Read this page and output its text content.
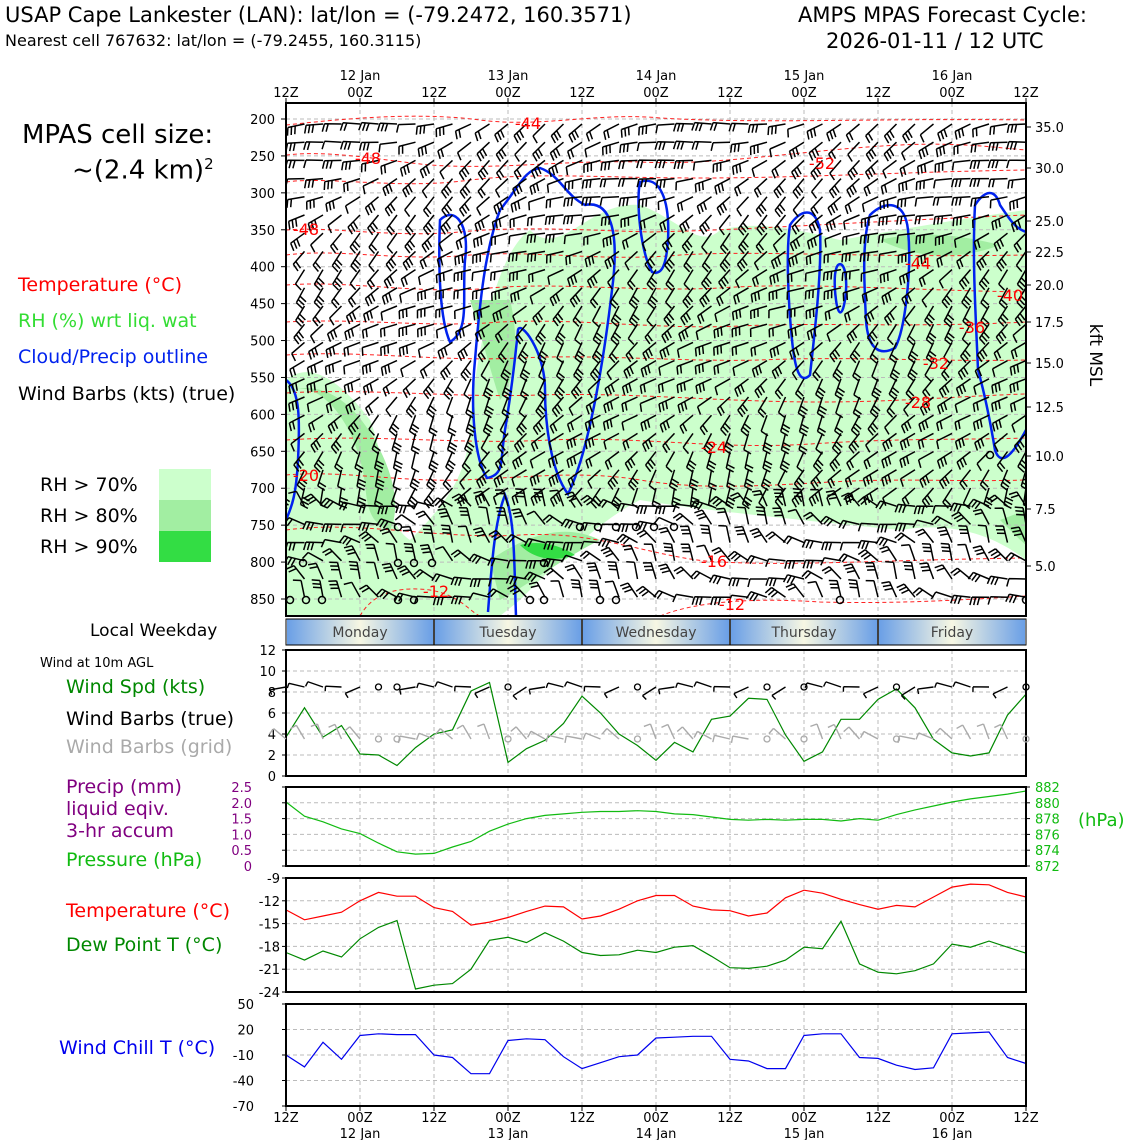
USAP Cape Lankester (LAN): lat/lon = (-79.2472, 160.3571)
Nearest cell 767632: lat/lon = (-79.2455, 160.3115)
AMPS MPAS Forecast Cycle:
2026-01-11 / 12 UTC
MPAS cell size:
~(2.4 km)$^2$
Temperature (°C)
RH (%) wrt liq. wat
Cloud/Precip outline
Wind Barbs (kts) (true)
RH > 70%
RH > 80%
RH > 90%
Local Weekday
Wind at 10m AGL
Wind Spd (kts)
Wind Barbs (true)
Wind Barbs (grid)
Precip (mm)
liquid eqiv.
3-hr accum
Pressure (hPa)
Temperature (°C)
Dew Point T (°C)
Wind Chill T (°C)
12Z	00Z	12Z	00Z	12Z	00Z	12Z	00Z	12Z	00Z	12Z
12 Jan	13 Jan	14 Jan	15 Jan	16 Jan
200
250
300
350
400
450
500
550
600
650
700
750
800
850
35.0
30.0
25.0
22.5
20.0
17.5
15.0
12.5
10.0
7.5
5.0
-44
-48	-52
-48
-44
-40
-36
-32
-28
-24
-20
-16
-12
-12
kft MSL
Monday	Tuesday	Wednesday	Thursday	Friday
0
2
4
6
8
10
12
872
874
876
878
880
882
0
0.5
1.0
1.5
2.0
2.5
(hPa)
-24
-21
-18
-15
-12
-9
-70
-40
-10
20
50
12Z	00Z	12Z	00Z	12Z	00Z	12Z	00Z	12Z	00Z	12Z
12 Jan	13 Jan	14 Jan	15 Jan	16 Jan
